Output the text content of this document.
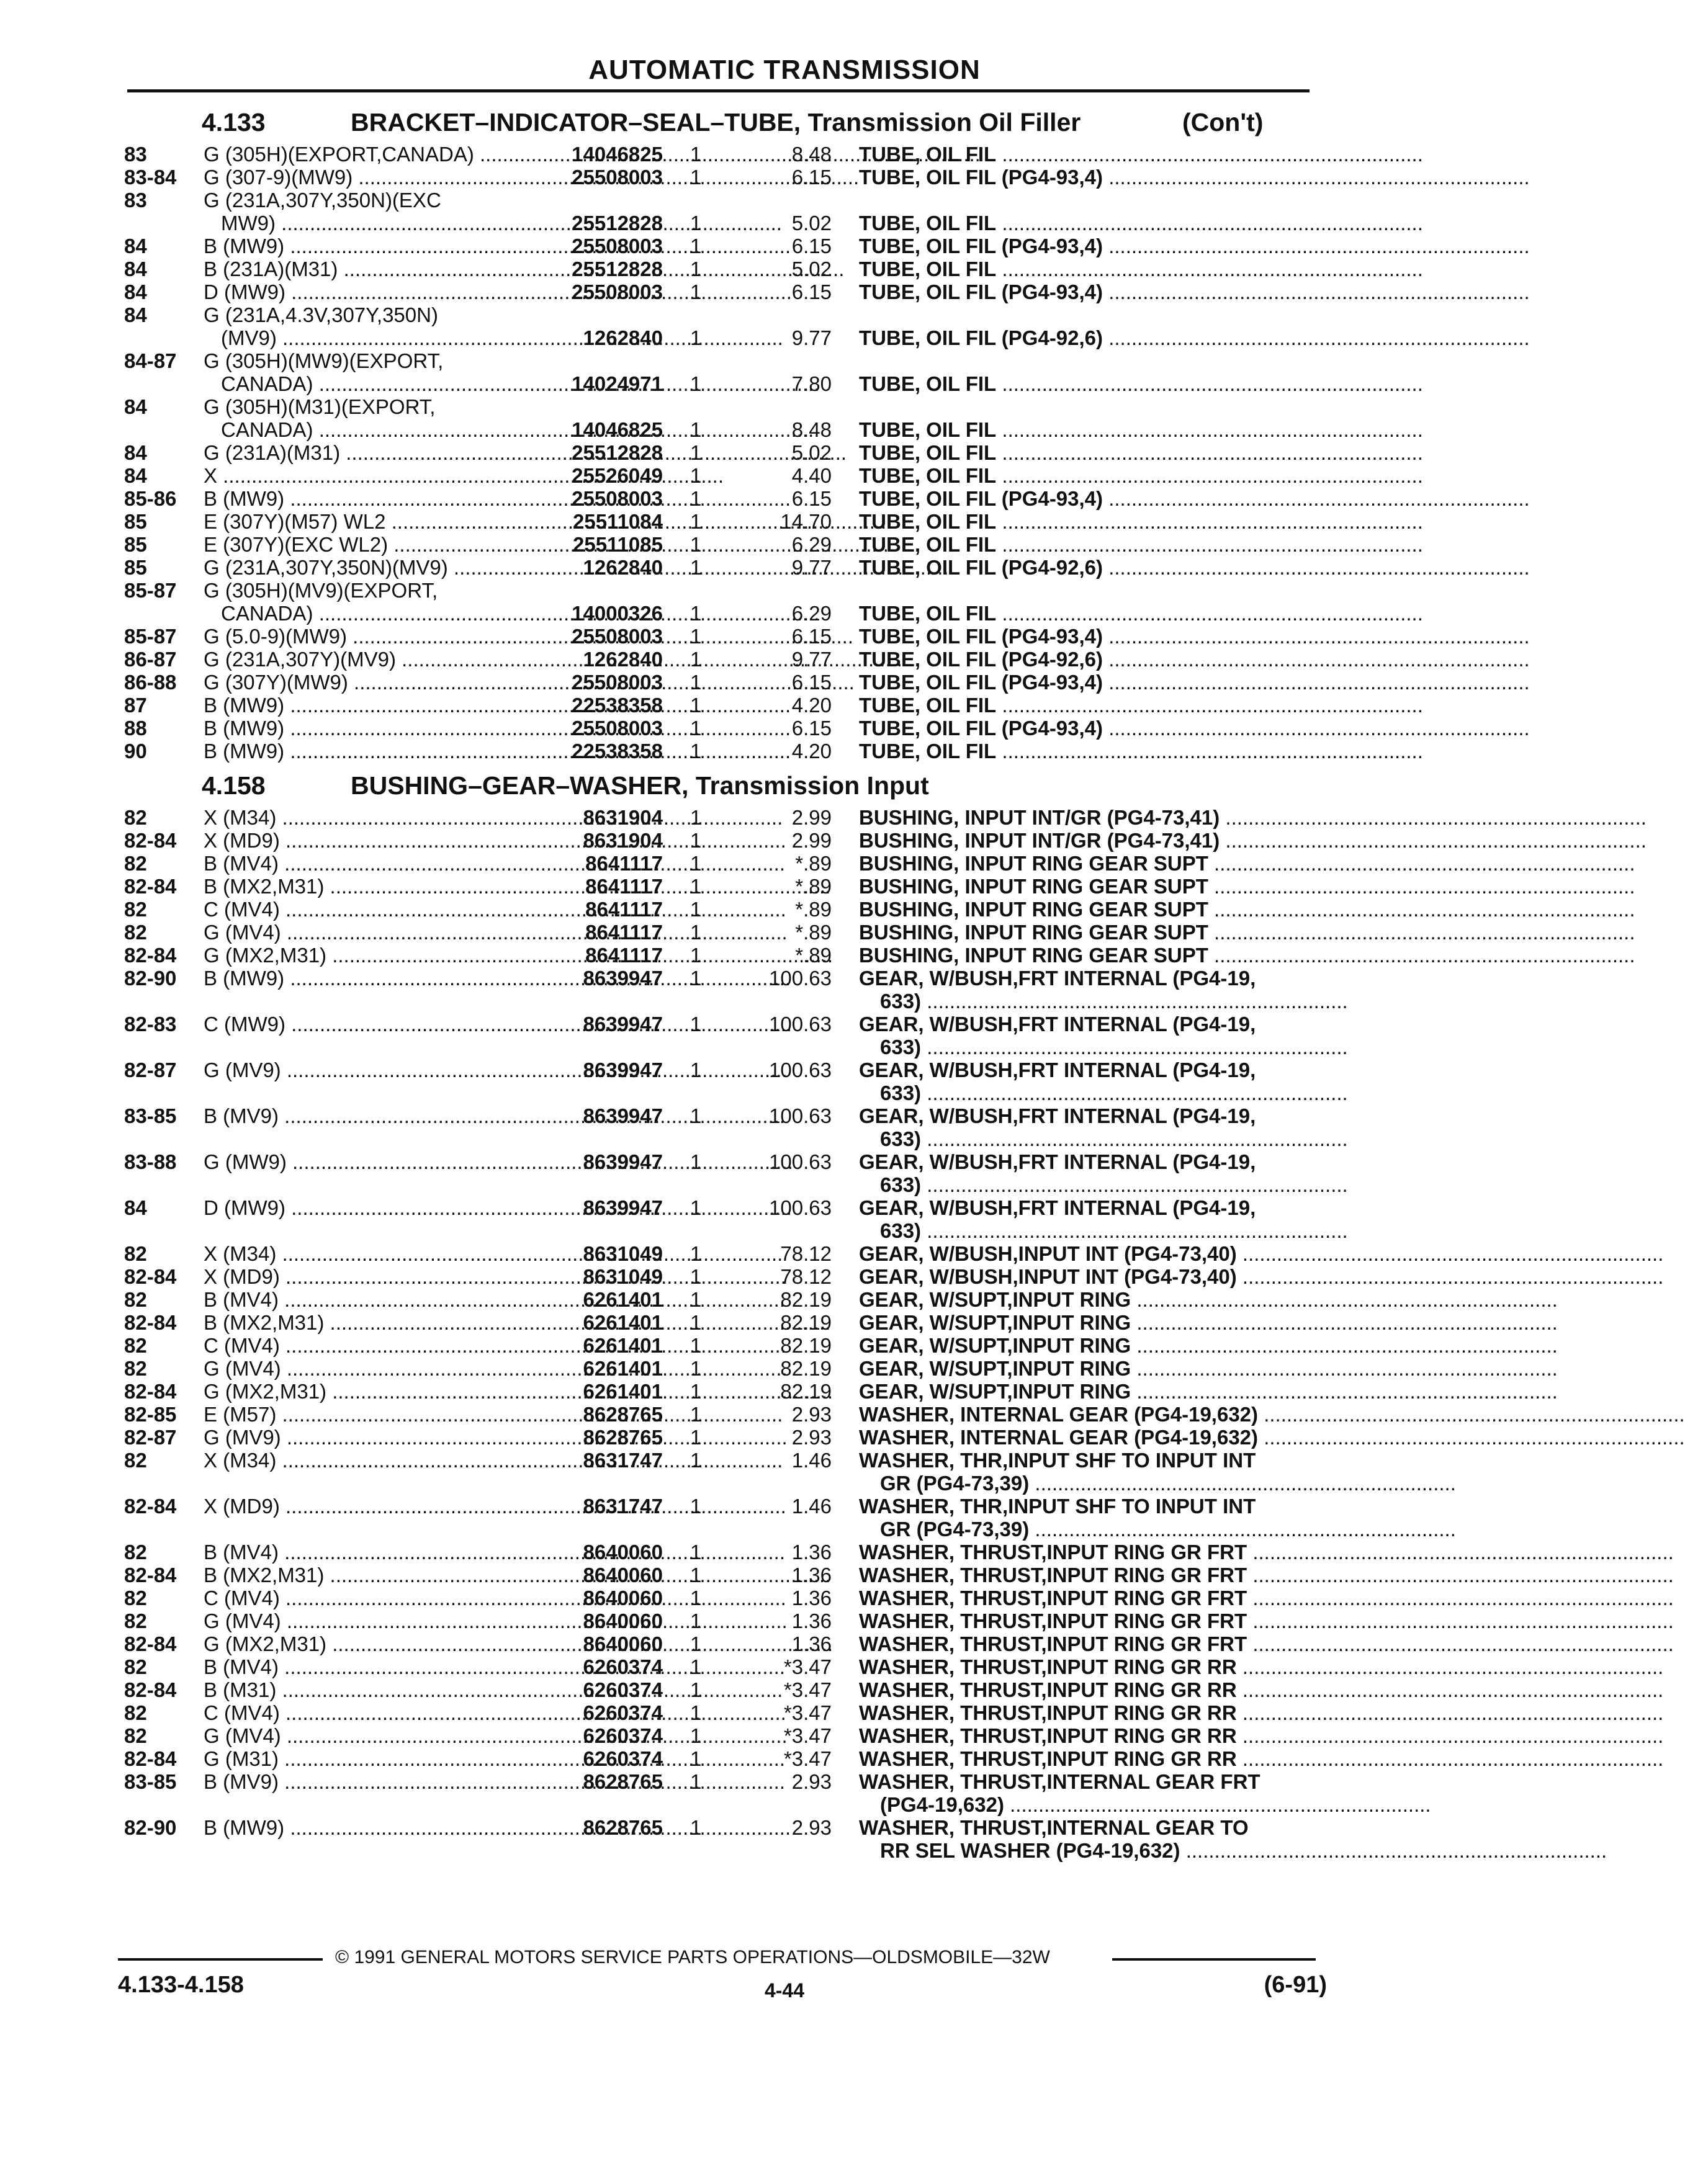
AUTOMATIC TRANSMISSION
4.133	BRACKET–INDICATOR–SEAL–TUBE, Transmission Oil Filler	(Con't)
83	G (305H)(EXPORT,CANADA) .....	14046825 1	8.48 TUBE, OIL FIL ..........................................................................
83-84 G (307-9)(MW9) .....	25508003 1	6.15 TUBE, OIL FIL (PG4-93,4) ..........................................................................
83	G (231A,307Y,350N)(EXC
MW9) .....	25512828 1	5.02 TUBE, OIL FIL ..........................................................................
84	B (MW9) .....	25508003 1	6.15 TUBE, OIL FIL (PG4-93,4) ..........................................................................
84	B (231A)(M31) .....	25512828 1	5.02 TUBE, OIL FIL ..........................................................................
84	D (MW9) .....	25508003 1	6.15 TUBE, OIL FIL (PG4-93,4) ..........................................................................
84	G (231A,4.3V,307Y,350N)
(MV9) .....	1262840 1	9.77 TUBE, OIL FIL (PG4-92,6) ..........................................................................
84-87 G (305H)(MW9)(EXPORT,
CANADA) .....	14024971 1	7.80 TUBE, OIL FIL ..........................................................................
84	G (305H)(M31)(EXPORT,
CANADA) .....	14046825 1	8.48 TUBE, OIL FIL ..........................................................................
84	G (231A)(M31) .....	25512828 1	5.02 TUBE, OIL FIL ..........................................................................
84	X .....	25526049 1	4.40 TUBE, OIL FIL ..........................................................................
85-86 B (MW9) .....	25508003 1	6.15 TUBE, OIL FIL (PG4-93,4) ..........................................................................
85	E (307Y)(M57) WL2 .....	25511084 1	14.70 TUBE, OIL FIL ..........................................................................
85	E (307Y)(EXC WL2) .....	25511085 1	6.29 TUBE, OIL FIL ..........................................................................
85	G (231A,307Y,350N)(MV9) .....	1262840 1	9.77 TUBE, OIL FIL (PG4-92,6) ..........................................................................
85-87 G (305H)(MV9)(EXPORT,
CANADA) .....	14000326 1	6.29 TUBE, OIL FIL ..........................................................................
85-87 G (5.0-9)(MW9) .....	25508003 1	6.15 TUBE, OIL FIL (PG4-93,4) ..........................................................................
86-87 G (231A,307Y)(MV9) .....	1262840 1	9.77 TUBE, OIL FIL (PG4-92,6) ..........................................................................
86-88 G (307Y)(MW9) .....	25508003 1	6.15 TUBE, OIL FIL (PG4-93,4) ..........................................................................
87	B (MW9) .....	22538358 1	4.20 TUBE, OIL FIL ..........................................................................
88	B (MW9) .....	25508003 1	6.15 TUBE, OIL FIL (PG4-93,4) ..........................................................................
90	B (MW9) .....	22538358 1	4.20 TUBE, OIL FIL ..........................................................................
4.158	BUSHING–GEAR–WASHER, Transmission Input
82	X (M34) .....	8631904 1	2.99 BUSHING, INPUT INT/GR (PG4-73,41) ..........................................................................
82-84 X (MD9) .....	8631904 1	2.99 BUSHING, INPUT INT/GR (PG4-73,41) ..........................................................................
82	B (MV4) .....	8641117 1	*.89 BUSHING, INPUT RING GEAR SUPT ..........................................................................
82-84 B (MX2,M31) .....	8641117 1	*.89 BUSHING, INPUT RING GEAR SUPT ..........................................................................
82	C (MV4) .....	8641117 1	*.89 BUSHING, INPUT RING GEAR SUPT ..........................................................................
82	G (MV4) .....	8641117 1	*.89 BUSHING, INPUT RING GEAR SUPT ..........................................................................
82-84 G (MX2,M31) .....	8641117 1	*.89 BUSHING, INPUT RING GEAR SUPT ..........................................................................
82-90 B (MW9) .....	8639947 1	100.63 GEAR, W/BUSH,FRT INTERNAL (PG4-19,
633) ..........................................................................
82-83 C (MW9) .....	8639947 1	100.63 GEAR, W/BUSH,FRT INTERNAL (PG4-19,
633) ..........................................................................
82-87 G (MV9) .....	8639947 1	100.63 GEAR, W/BUSH,FRT INTERNAL (PG4-19,
633) ..........................................................................
83-85 B (MV9) .....	8639947 1	100.63 GEAR, W/BUSH,FRT INTERNAL (PG4-19,
633) ..........................................................................
83-88 G (MW9) .....	8639947 1	100.63 GEAR, W/BUSH,FRT INTERNAL (PG4-19,
633) ..........................................................................
84	D (MW9) .....	8639947 1	100.63 GEAR, W/BUSH,FRT INTERNAL (PG4-19,
633) ..........................................................................
82	X (M34) .....	8631049 1	78.12 GEAR, W/BUSH,INPUT INT (PG4-73,40) ..........................................................................
82-84 X (MD9) .....	8631049 1	78.12 GEAR, W/BUSH,INPUT INT (PG4-73,40) ..........................................................................
82	B (MV4) .....	6261401 1	82.19 GEAR, W/SUPT,INPUT RING ..........................................................................
82-84 B (MX2,M31) .....	6261401 1	82.19 GEAR, W/SUPT,INPUT RING ..........................................................................
82	C (MV4) .....	6261401 1	82.19 GEAR, W/SUPT,INPUT RING ..........................................................................
82	G (MV4) .....	6261401 1	82.19 GEAR, W/SUPT,INPUT RING ..........................................................................
82-84 G (MX2,M31) .....	6261401 1	82.19 GEAR, W/SUPT,INPUT RING ..........................................................................
82-85 E (M57) .....	8628765 1	2.93 WASHER, INTERNAL GEAR (PG4-19,632) ..........................................................................
82-87 G (MV9) .....	8628765 1	2.93 WASHER, INTERNAL GEAR (PG4-19,632) ..........................................................................
82	X (M34) .....	8631747 1	1.46 WASHER, THR,INPUT SHF TO INPUT INT
GR (PG4-73,39) ..........................................................................
82-84 X (MD9) .....	8631747 1	1.46 WASHER, THR,INPUT SHF TO INPUT INT
GR (PG4-73,39) ..........................................................................
82	B (MV4) .....	8640060 1	1.36 WASHER, THRUST,INPUT RING GR FRT ..........................................................................
82-84 B (MX2,M31) .....	8640060 1	1.36 WASHER, THRUST,INPUT RING GR FRT ..........................................................................
82	C (MV4) .....	8640060 1	1.36 WASHER, THRUST,INPUT RING GR FRT ..........................................................................
82	G (MV4) .....	8640060 1	1.36 WASHER, THRUST,INPUT RING GR FRT ..........................................................................
82-84 G (MX2,M31) .....	8640060 1	1.36 WASHER, THRUST,INPUT RING GR FRT ..........................................................................
82	B (MV4) .....	6260374 1	*3.47 WASHER, THRUST,INPUT RING GR RR ..........................................................................
82-84 B (M31) .....	6260374 1	*3.47 WASHER, THRUST,INPUT RING GR RR ..........................................................................
82	C (MV4) .....	6260374 1	*3.47 WASHER, THRUST,INPUT RING GR RR ..........................................................................
82	G (MV4) .....	6260374 1	*3.47 WASHER, THRUST,INPUT RING GR RR ..........................................................................
82-84 G (M31) .....	6260374 1	*3.47 WASHER, THRUST,INPUT RING GR RR ..........................................................................
83-85 B (MV9) .....	8628765 1	2.93 WASHER, THRUST,INTERNAL GEAR FRT
(PG4-19,632) ..........................................................................
82-90 B (MW9) .....	8628765 1	2.93 WASHER, THRUST,INTERNAL GEAR TO
RR SEL WASHER (PG4-19,632) ..........................................................................
© 1991 GENERAL MOTORS SERVICE PARTS OPERATIONS—OLDSMOBILE—32W
4.133-4.158	4-44	(6-91)
